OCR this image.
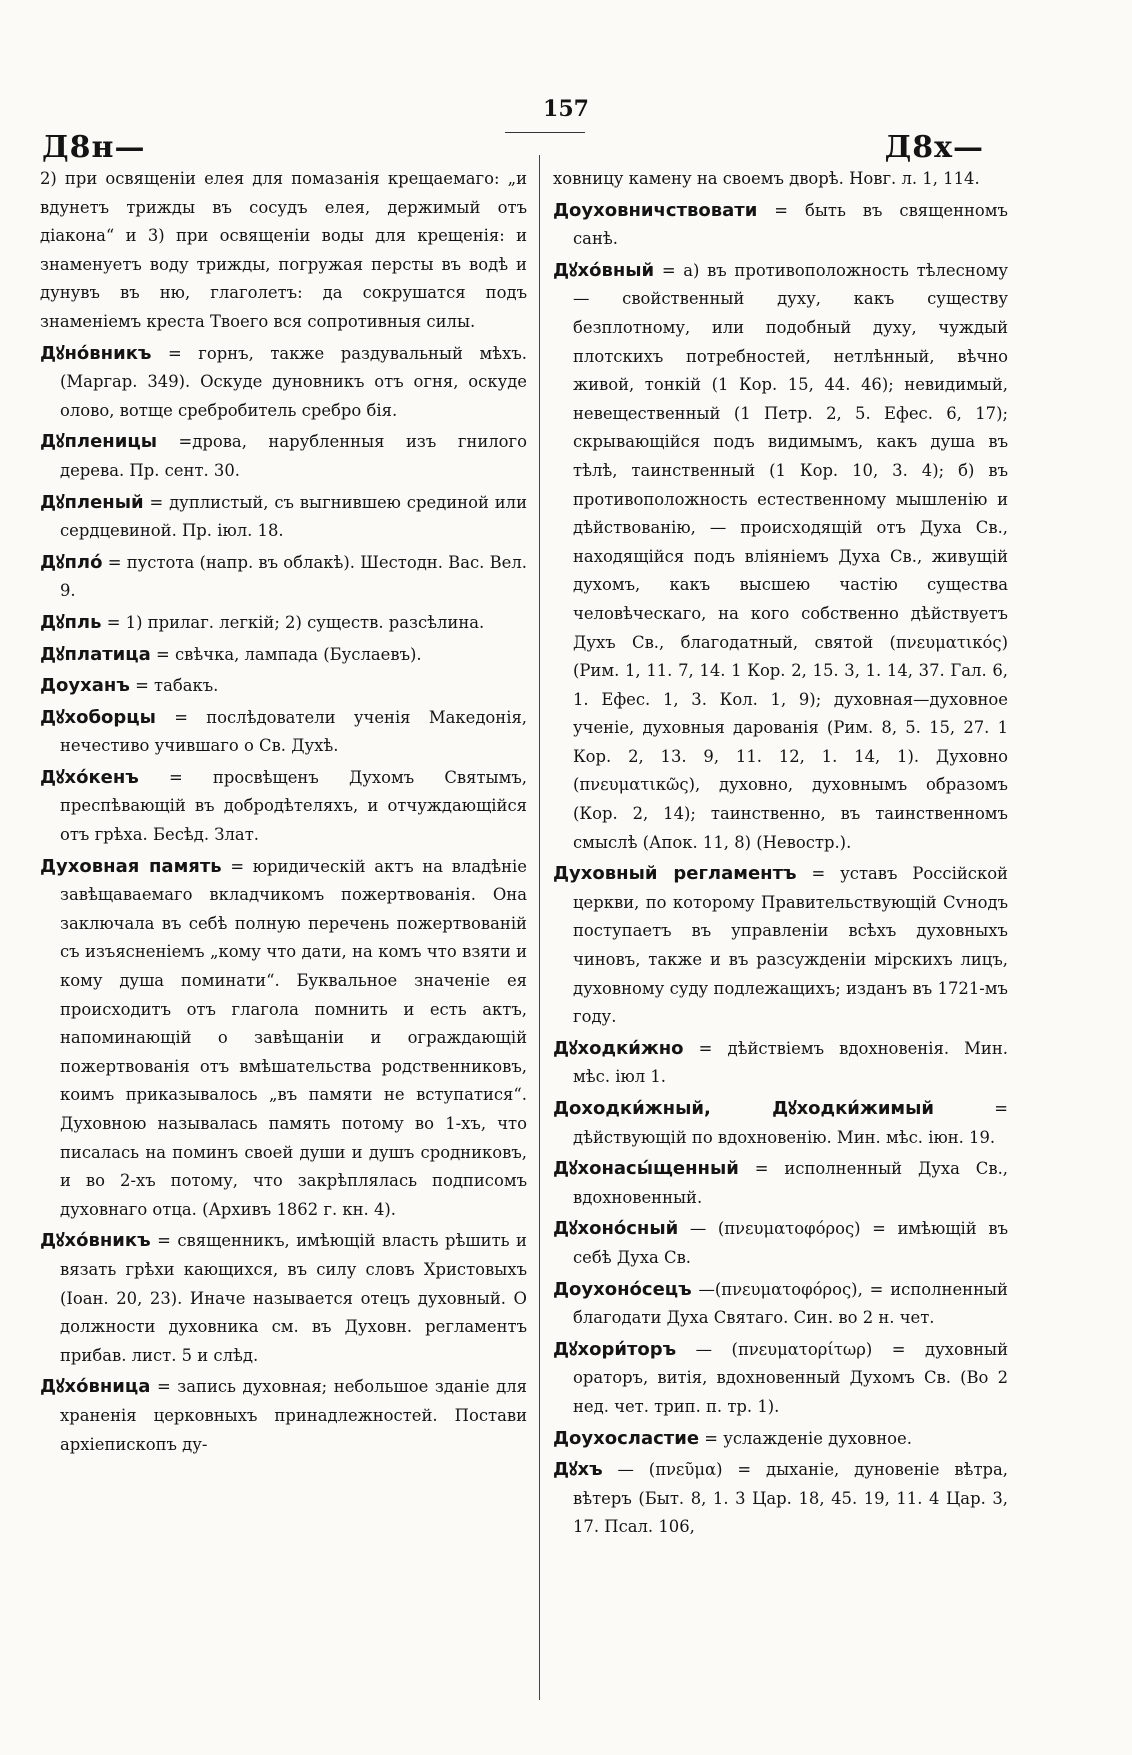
157
Д8н—	Д8х—

2) при освященіи елея для помазанія крещаемаго: „и вдунетъ трижды въ сосудъ елея, держимый отъ діакона“ и 3) при освященіи воды для крещенія: и знаменуетъ воду трижды, погружая персты въ водѣ и дунувъ въ ню, глаголетъ: да сокрушатся подъ знаменіемъ креста Твоего вся сопротивныя силы.

Дꙋно́вникъ = горнъ, также раздувальный мѣхъ. (Маргар. 349). Оскуде дуновникъ отъ огня, оскуде олово, вотще сребробитель сребро бія.

Дꙋпленицы =дрова, нарубленныя изъ гнилого дерева. Пр. сент. 30.

Дꙋпленый = дуплистый, съ выгнившею срединой или сердцевиной. Пр. іюл. 18.

Дꙋпло́ = пустота (напр. въ облакѣ). Шестодн. Вас. Вел. 9.

Дꙋпль = 1) прилаг. легкій; 2) существ. разсѣлина.

Дꙋплатица = свѣчка, лампада (Буслаевъ).

Доуханъ = табакъ.

Дꙋхоборцы = послѣдователи ученія Македонія, нечестиво учившаго о Св. Духѣ.

Дꙋхо́кенъ = просвѣщенъ Духомъ Святымъ, преспѣвающій въ добродѣтеляхъ, и отчуждающійся отъ грѣха. Бесѣд. Злат.

Духовная память = юридическій актъ на владѣніе завѣщаваемаго вкладчикомъ пожертвованія. Она заключала въ себѣ полную перечень пожертвованій съ изъясненіемъ „кому что дати, на комъ что взяти и кому душа поминати“. Буквальное значеніе ея происходитъ отъ глагола помнить и есть актъ, напоминающій о завѣщаніи и ограждающій пожертвованія отъ вмѣшательства родственниковъ, коимъ приказывалось „въ памяти не вступатися“. Духовною называлась память потому во 1-хъ, что писалась на поминъ своей души и душъ сродниковъ, и во 2-хъ потому, что закрѣплялась подписомъ духовнаго отца. (Архивъ 1862 г. кн. 4).

Дꙋхо́вникъ = священникъ, имѣющій власть рѣшить и вязать грѣхи кающихся, въ силу словъ Христовыхъ (Іоан. 20, 23). Иначе называется отецъ духовный. О должности духовника см. въ Духовн. регламентъ прибав. лист. 5 и слѣд.

Дꙋхо́вница = запись духовная; небольшое зданіе для храненія церковныхъ принадлежностей. Постави архіепископъ ду-

ховницу камену на своемъ дворѣ. Новг. л. 1, 114.

Доуховничствовати = быть въ священномъ санѣ.

Дꙋхо́вный = а) въ противоположность тѣлесному — свойственный духу, какъ существу безплотному, или подобный духу, чуждый плотскихъ потребностей, нетлѣнный, вѣчно живой, тонкій (1 Кор. 15, 44. 46); невидимый, невещественный (1 Петр. 2, 5. Ефес. 6, 17); скрывающійся подъ видимымъ, какъ душа въ тѣлѣ, таинственный (1 Кор. 10, 3. 4); б) въ противоположность естественному мышленію и дѣйствованію, — происходящій отъ Духа Св., находящійся подъ вліяніемъ Духа Св., живущій духомъ, какъ высшею частію существа человѣческаго, на кого собственно дѣйствуетъ Духъ Св., благодатный, святой (πνευματικός) (Рим. 1, 11. 7, 14. 1 Кор. 2, 15. 3, 1. 14, 37. Гал. 6, 1. Ефес. 1, 3. Кол. 1, 9); духовная—духовное ученіе, духовныя дарованія (Рим. 8, 5. 15, 27. 1 Кор. 2, 13. 9, 11. 12, 1. 14, 1). Духовно (πνευματικῶς), духовно, духовнымъ образомъ (Кор. 2, 14); таинственно, въ таинственномъ смыслѣ (Апок. 11, 8) (Невостр.).

Духовный регламентъ = уставъ Россійской церкви, по которому Правительствующій Сѵнодъ поступаетъ въ управленіи всѣхъ духовныхъ чиновъ, также и въ разсужденіи мірскихъ лицъ, духовному суду подлежащихъ; изданъ въ 1721-мъ году.

Дꙋходки́жно = дѣйствіемъ вдохновенія. Мин. мѣс. іюл 1.

Доходки́жный, Дꙋходки́жимый	= дѣйствующій по вдохновенію. Мин. мѣс. іюн. 19.

Дꙋхонасы́щенный = исполненный Духа Св., вдохновенный.

Дꙋхоно́сный — (πνευματοφόρος) = имѣющій въ себѣ Духа Св.

Доухоно́сецъ —(πνευματοφόρος), = исполненный благодати Духа Святаго. Син. во 2 н. чет.

Дꙋхори́торъ — (πνευματορίτωρ) = духовный ораторъ, витія, вдохновенный Духомъ Св. (Во 2 нед. чет. трип. п. тр. 1).

Доухосластие = услажденіе духовное.

Дꙋхъ — (πνεῦμα) = дыханіе, дуновеніе вѣтра, вѣтеръ (Быт. 8, 1. 3 Цар. 18, 45. 19, 11. 4 Цар. 3, 17. Псал. 106,
